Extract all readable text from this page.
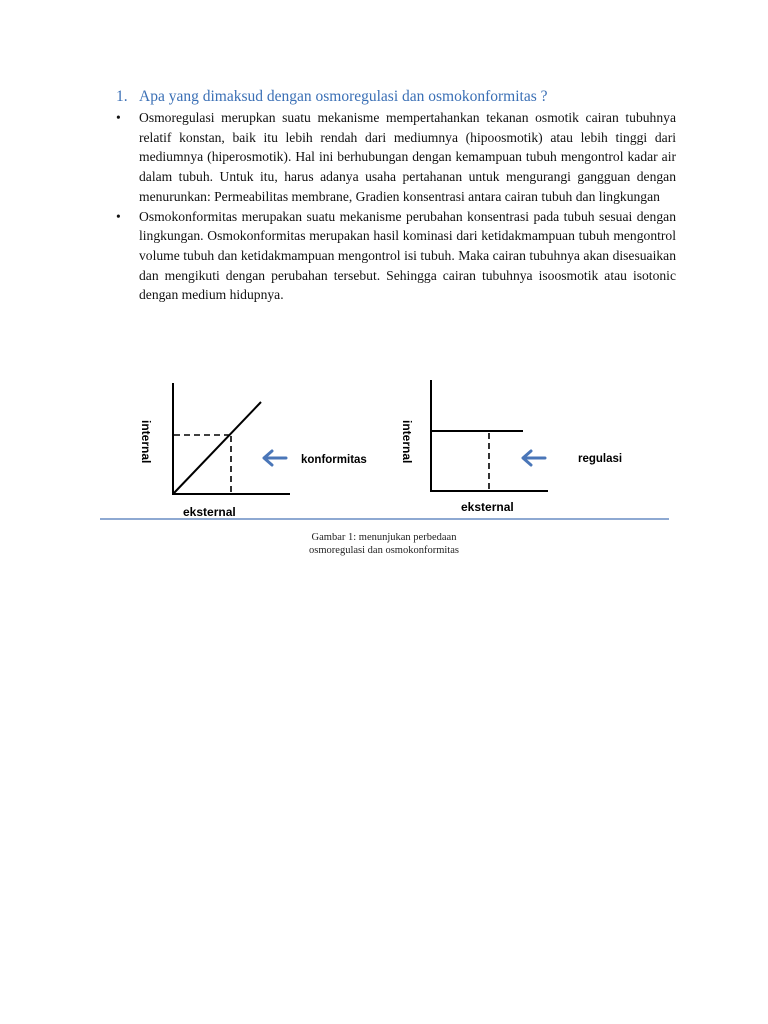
1. Apa yang dimaksud dengan osmoregulasi dan osmokonformitas ?
• Osmoregulasi merupkan suatu mekanisme mempertahankan tekanan osmotik cairan tubuhnya relatif konstan, baik itu lebih rendah dari mediumnya (hipoosmotik) atau lebih tinggi dari mediumnya (hiperosmotik). Hal ini berhubungan dengan kemampuan tubuh mengontrol kadar air dalam tubuh. Untuk itu, harus adanya usaha pertahanan untuk mengurangi gangguan dengan menurunkan: Permeabilitas membrane, Gradien konsentrasi antara cairan tubuh dan lingkungan
• Osmokonformitas merupakan suatu mekanisme perubahan konsentrasi pada tubuh sesuai dengan lingkungan. Osmokonformitas merupakan hasil kominasi dari ketidakmampuan tubuh mengontrol volume tubuh dan ketidakmampuan mengontrol isi tubuh. Maka cairan tubuhnya akan disesuaikan dan mengikuti dengan perubahan tersebut. Sehingga cairan tubuhnya isoosmotik atau isotonic dengan medium hidupnya.
internal
eksternal
konformitas	internal
eksternal
regulasi
Gambar 1: menunjukan perbedaan
osmoregulasi dan osmokonformitas
